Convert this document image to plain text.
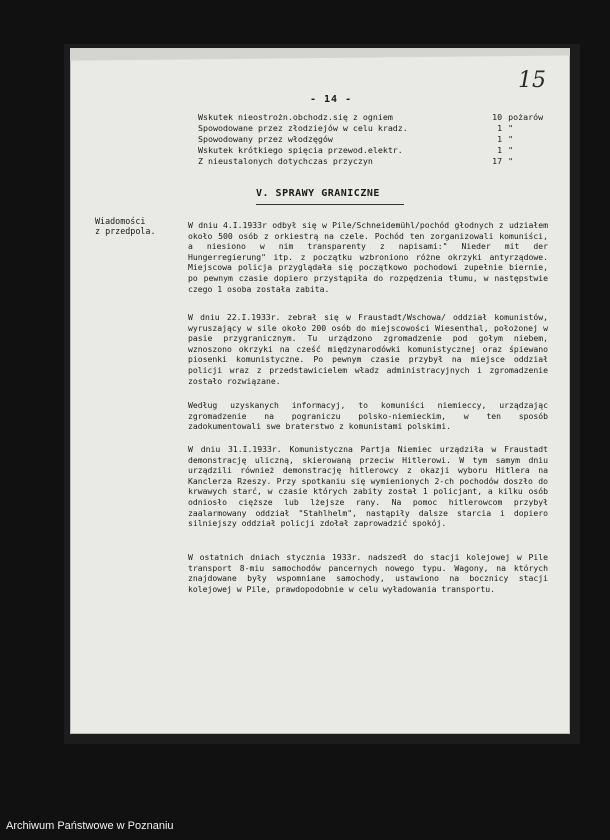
- 14 -
15
Wskutek nieostrożn.obchodz.się z ogniem	10 pożarów
Spowodowane przez złodziejów w celu kradz.	1 "
Spowodowany przez włodzęgów	1 "
Wskutek krótkiego spięcia przewod.elektr.	1 "
Z nieustalonych dotychczas przyczyn	17 "
V. SPRAWY GRANICZNE
Wiadomości
z przedpola.

W dniu 4.I.1933r odbył się w Pile/Schneidemühl/pochód głodnych z udziałem około 500 osób z orkiestrą na czele. Pochód ten zorganizowali komuniści, a niesiono w nim transparenty z napisami:" Nieder mit der Hungerregierung" itp. z początku wzbroniono różne okrzyki antyrządowe. Miejscowa policja przyglądała się początkowo pochodowi zupełnie biernie, po pewnym czasie dopiero przystąpiła do rozpędzenia tłumu, w następstwie czego 1 osoba została zabita.

W dniu 22.I.1933r. zebrał się w Fraustadt/Wschowa/ oddział komunistów, wyruszający w sile około 200 osób do miejscowości Wiesenthal, położonej w pasie przygranicznym. Tu urządzono zgromadzenie pod gołym niebem, wznoszono okrzyki na cześć międzynarodówki komunistycznej oraz śpiewano piosenki komunistyczne. Po pewnym czasie przybył na miejsce oddział policji wraz z przedstawicielem władz administracyjnych i zgromadzenie zostało rozwiązane.

Według uzyskanych informacyj, to komuniści niemieccy, urządzając zgromadzenie na pograniczu polsko-niemieckim, w ten sposób zadokumentowali swe braterstwo z komunistami polskimi.

W dniu 31.I.1933r. Komunistyczna Partja Niemiec urządziła w Fraustadt demonstrację uliczną, skierowaną przeciw Hitlerowi. W tym samym dniu urządzili również demonstrację hitlerowcy z okazji wyboru Hitlera na Kanclerza Rzeszy. Przy spotkaniu się wymienionych 2-ch pochodów doszło do krwawych starć, w czasie których zabity został 1 policjant, a kilku osób odniosło cięższe lub lżejsze rany. Na pomoc hitlerowcom przybył zaalarmowany oddział "Stahlhelm", nastąpiły dalsze starcia i dopiero silniejszy oddział policji zdołał zaprowadzić spokój.

W ostatnich dniach stycznia 1933r. nadszedł do stacji kolejowej w Pile transport 8-miu samochodów pancernych nowego typu. Wagony, na których znajdowane były wspomniane samochody, ustawiono na bocznicy stacji kolejowej w Pile, prawdopodobnie w celu wyładowania transportu.

Archiwum Państwowe w Poznaniu
